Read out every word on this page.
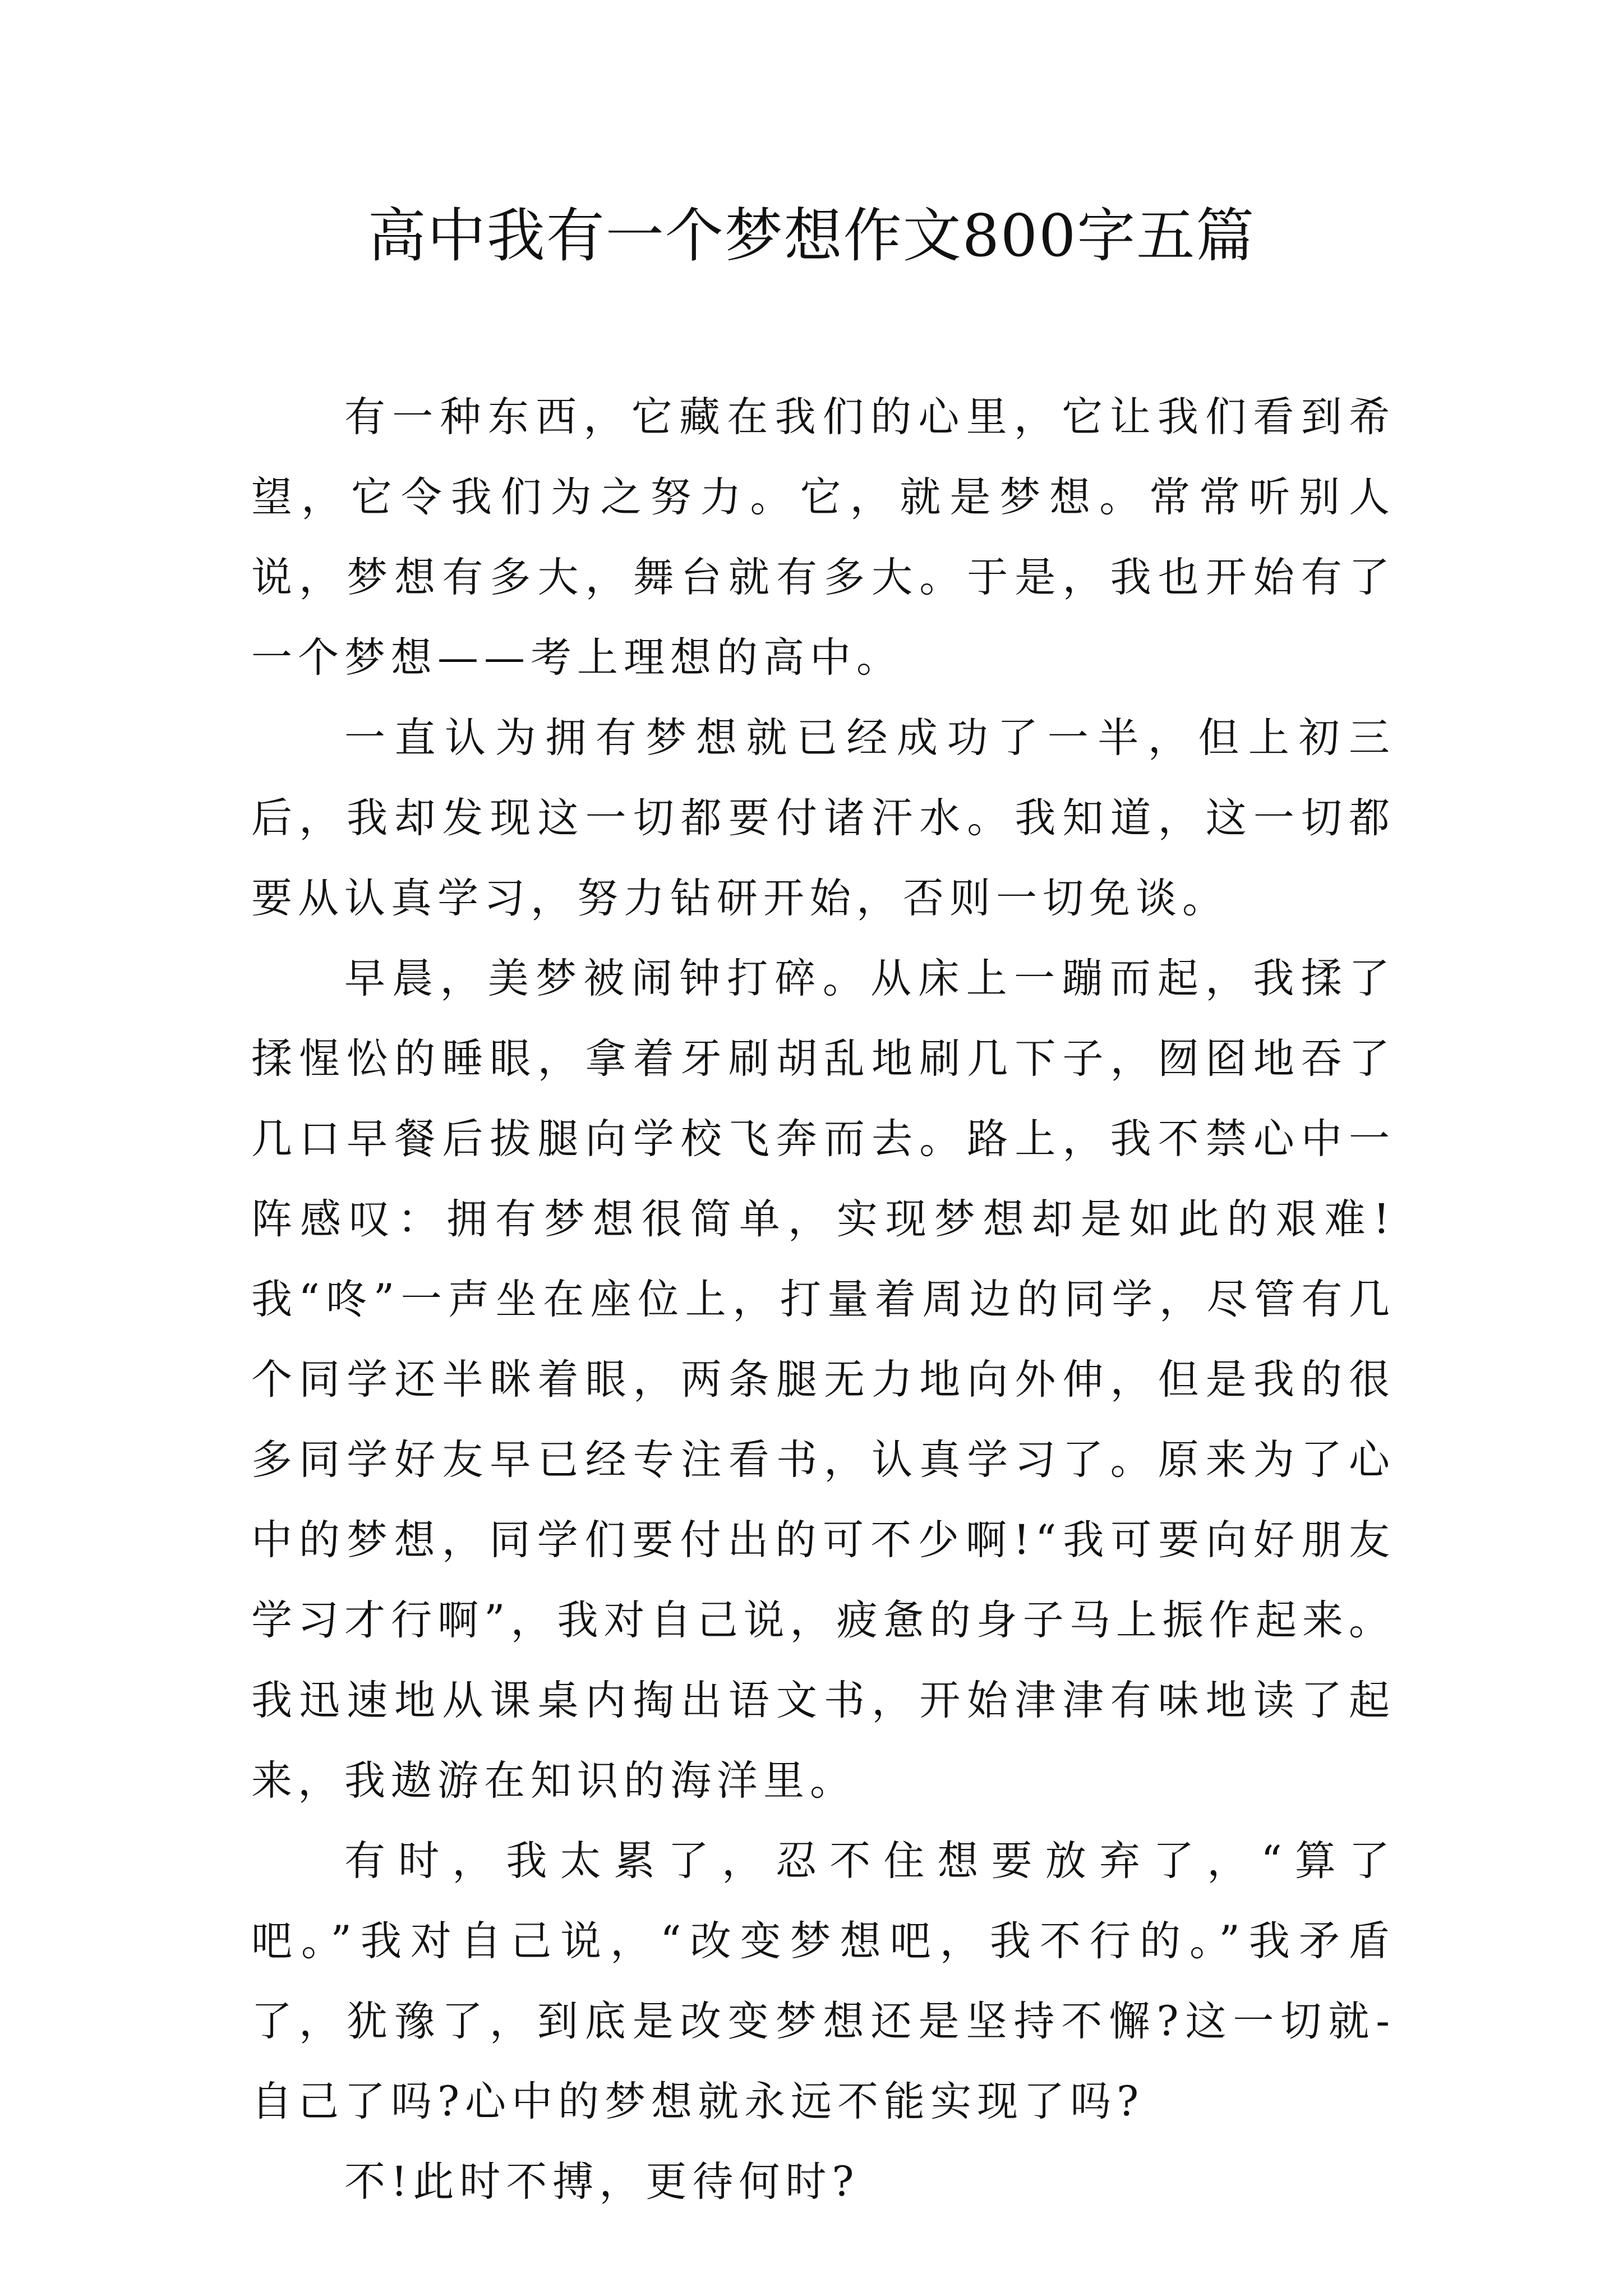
高中我有一个梦想作文800字五篇

有一种东西，它藏在我们的心里，它让我们看到希望，它令我们为之努力。它，就是梦想。常常听别人说，梦想有多大，舞台就有多大。于是，我也开始有了一个梦想——考上理想的高中。

一直认为拥有梦想就已经成功了一半，但上初三后，我却发现这一切都要付诸汗水。我知道，这一切都要从认真学习，努力钻研开始，否则一切免谈。

早晨，美梦被闹钟打碎。从床上一蹦而起，我揉了揉惺忪的睡眼，拿着牙刷胡乱地刷几下子，囫囵地吞了几口早餐后拔腿向学校飞奔而去。路上，我不禁心中一阵感叹：拥有梦想很简单，实现梦想却是如此的艰难!我“咚”一声坐在座位上，打量着周边的同学，尽管有几个同学还半眯着眼，两条腿无力地向外伸，但是我的很多同学好友早已经专注看书，认真学习了。原来为了心中的梦想，同学们要付出的可不少啊!“我可要向好朋友学习才行啊”，我对自己说，疲惫的身子马上振作起来。我迅速地从课桌内掏出语文书，开始津津有味地读了起来，我遨游在知识的海洋里。

有时，我太累了，忍不住想要放弃了，“算了吧。”我对自己说，“改变梦想吧，我不行的。”我矛盾了，犹豫了，到底是改变梦想还是坚持不懈?这一切就-自己了吗?心中的梦想就永远不能实现了吗?

不!此时不搏，更待何时?
